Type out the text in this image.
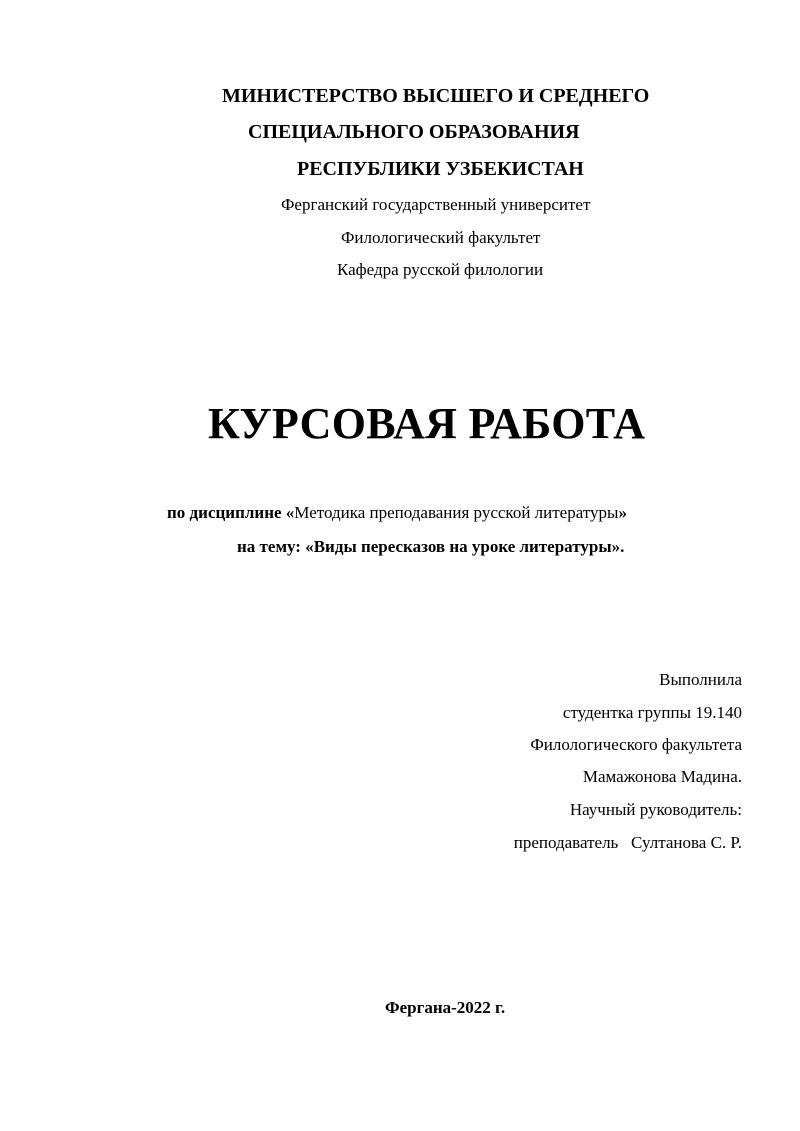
МИНИСТЕРСТВО ВЫСШЕГО И СРЕДНЕГО
СПЕЦИАЛЬНОГО ОБРАЗОВАНИЯ
РЕСПУБЛИКИ УЗБЕКИСТАН
Ферганский государственный университет
Филологический факультет
Кафедра русской филологии
КУРСОВАЯ РАБОТА
по дисциплине «Методика преподавания русской литературы»
на тему: «Виды пересказов на уроке литературы».
Выполнила
студентка группы 19.140
Филологического факультета
Мамажонова Мадина.
Научный руководитель:
преподаватель   Султанова С. Р.
Фергана-2022 г.
